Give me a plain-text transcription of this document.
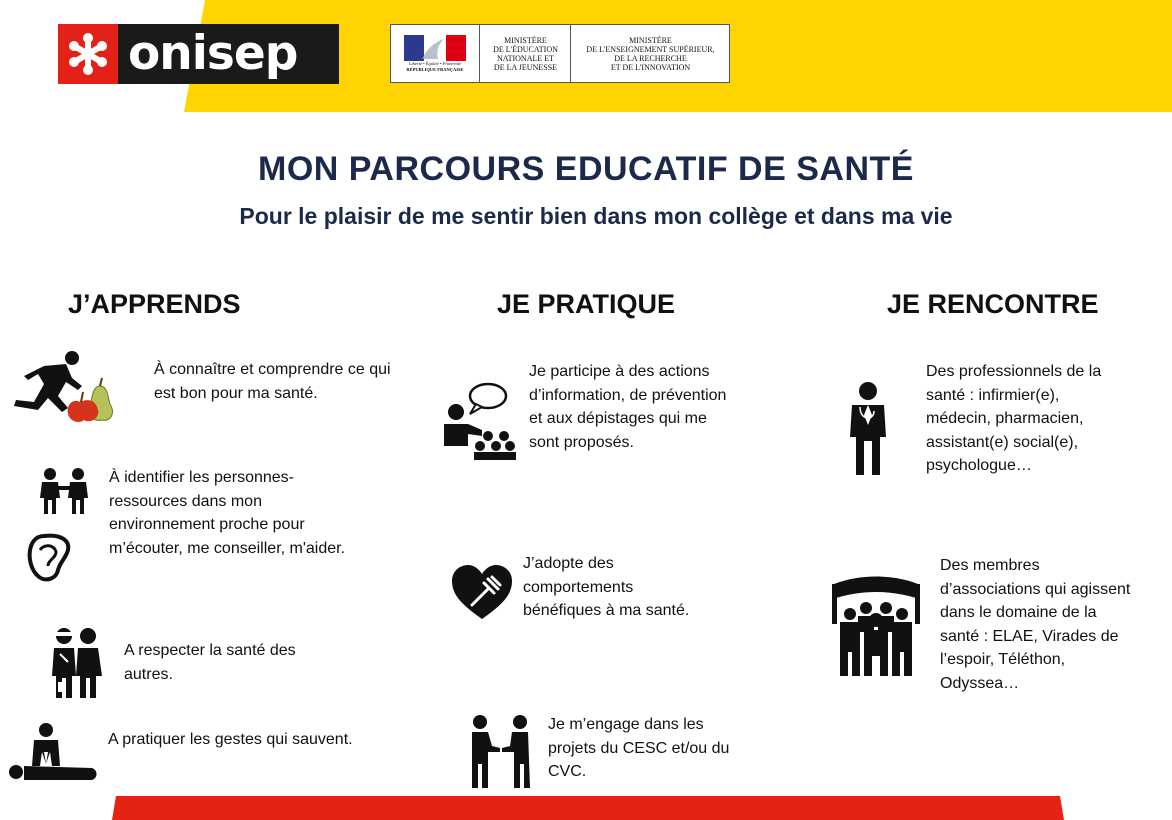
onisep	Liberté • Égalité • Fraternité
RÉPUBLIQUE FRANÇAISE
MINISTÈRE
DE L'ÉDUCATION
NATIONALE ET
DE LA JEUNESSE
MINISTÈRE
DE L'ENSEIGNEMENT SUPÉRIEUR,
DE LA RECHERCHE
ET DE L'INNOVATION
MON PARCOURS EDUCATIF DE SANTÉ
Pour le plaisir de me sentir bien dans mon collège et dans ma vie
J’APPRENDS	JE PRATIQUE	JE RENCONTRE
À connaître et comprendre ce qui
est bon pour ma santé.
À identifier les personnes-
ressources dans mon
environnement proche pour
m’écouter, me conseiller, m'aider.
A respecter la santé des
autres.
A pratiquer les gestes qui sauvent.
Je participe à des actions
d’information, de prévention
et aux dépistages qui me
sont proposés.
J’adopte des
comportements
bénéfiques à ma santé.
Je m’engage dans les
projets du CESC et/ou du
CVC.
Des professionnels de la
santé : infirmier(e),
médecin, pharmacien,
assistant(e) social(e),
psychologue…
Des membres
d’associations qui agissent
dans le domaine de la
santé : ELAE, Virades de
l’espoir, Téléthon,
Odyssea…
